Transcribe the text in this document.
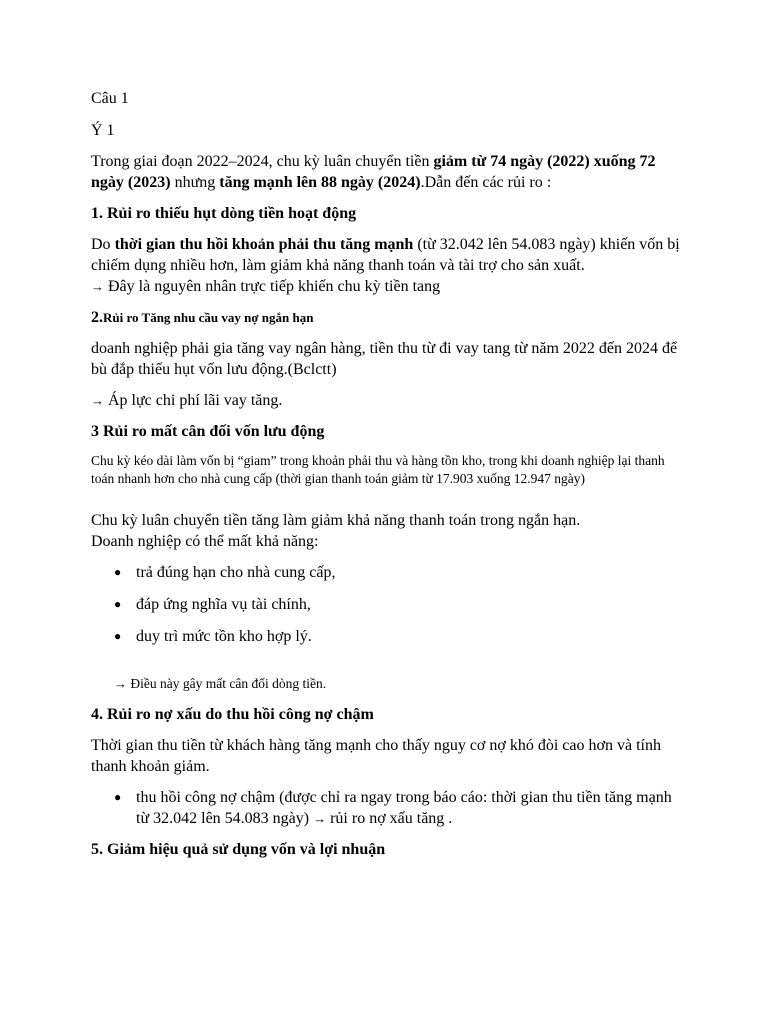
Câu 1

Ý 1

Trong giai đoạn 2022–2024, chu kỳ luân chuyển tiền giảm từ 74 ngày (2022) xuống 72 ngày (2023) nhưng tăng mạnh lên 88 ngày (2024).Dẫn đến các rủi ro :

1. Rủi ro thiếu hụt dòng tiền hoạt động

Do thời gian thu hồi khoản phải thu tăng mạnh (từ 32.042 lên 54.083 ngày) khiến vốn bị chiếm dụng nhiều hơn, làm giảm khả năng thanh toán và tài trợ cho sản xuất.

→ Đây là nguyên nhân trực tiếp khiến chu kỳ tiền tang

2.Rủi ro Tăng nhu cầu vay nợ ngắn hạn

doanh nghiệp phải gia tăng vay ngân hàng, tiền thu từ đi vay tang từ năm 2022 đến 2024 để bù đắp thiếu hụt vốn lưu động.(Bclctt)

→ Áp lực chi phí lãi vay tăng.

3 Rủi ro mất cân đối vốn lưu động

Chu kỳ kéo dài làm vốn bị “giam” trong khoản phải thu và hàng tồn kho, trong khi doanh nghiệp lại thanh toán nhanh hơn cho nhà cung cấp (thời gian thanh toán giảm từ 17.903 xuống 12.947 ngày)

Chu kỳ luân chuyển tiền tăng làm giảm khả năng thanh toán trong ngắn hạn.

Doanh nghiệp có thể mất khả năng:

● trả đúng hạn cho nhà cung cấp,
● đáp ứng nghĩa vụ tài chính,
● duy trì mức tồn kho hợp lý.

→ Điều này gây mất cân đối dòng tiền.

4. Rủi ro nợ xấu do thu hồi công nợ chậm

Thời gian thu tiền từ khách hàng tăng mạnh cho thấy nguy cơ nợ khó đòi cao hơn và tính thanh khoản giảm.

● thu hồi công nợ chậm (được chỉ ra ngay trong báo cáo: thời gian thu tiền tăng mạnh từ 32.042 lên 54.083 ngày) → rủi ro nợ xấu tăng .

5. Giảm hiệu quả sử dụng vốn và lợi nhuận
